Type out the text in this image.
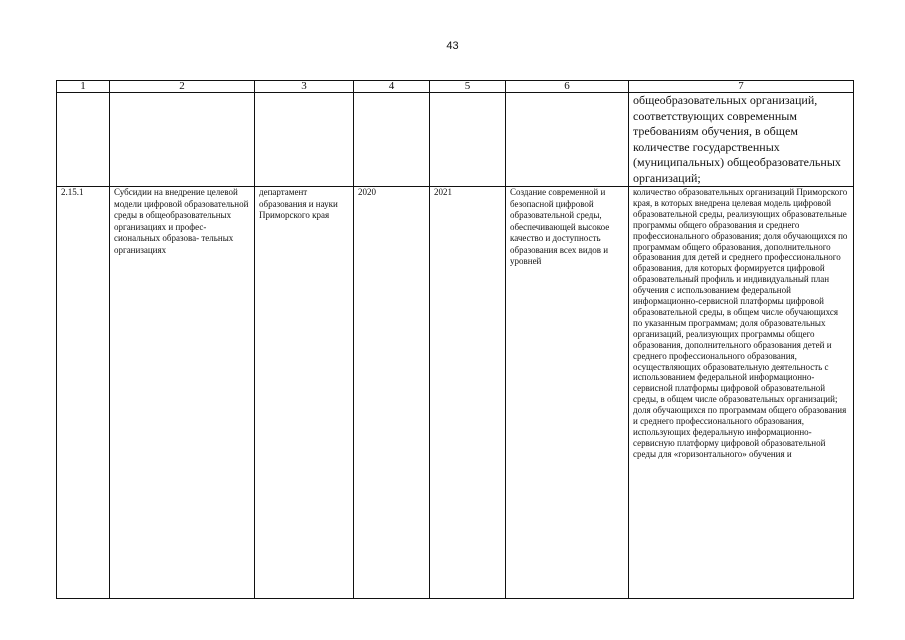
43
1	2	3	4	5	6	7
						общеобразовательных организаций, соответствующих современным требованиям обучения, в общем количестве государственных (муниципальных) общеобразовательных организаций;
2.15.1	Субсидии на внедрение целевой модели цифровой образовательной среды в общеобразовательных организациях и профес- сиональных образова- тельных организациях	департамент образования и науки Приморского края	2020	2021	Создание современной и безопасной цифровой образовательной среды, обеспечивающей высокое качество и доступность образования всех видов и уровней	количество образовательных организаций Приморского края, в которых внедрена целевая модель цифровой образовательной среды, реализующих образовательные программы общего образования и среднего профессионального образования; доля обучающихся по программам общего образования, дополнительного образования для детей и среднего профессионального образования, для которых формируется цифровой образовательный профиль и индивидуальный план обучения с использованием федеральной информационно-сервисной платформы цифровой образовательной среды, в общем числе обучающихся по указанным программам; доля образовательных организаций, реализующих программы общего образования, дополнительного образования детей и среднего профессионального образования, осуществляющих образовательную деятельность с использованием федеральной информационно-сервисной платформы цифровой образовательной среды, в общем числе образовательных организаций; доля обучающихся по программам общего образования и среднего профессионального образования, использующих федеральную информационно-сервисную платформу цифровой образовательной среды для «горизонтального» обучения и
